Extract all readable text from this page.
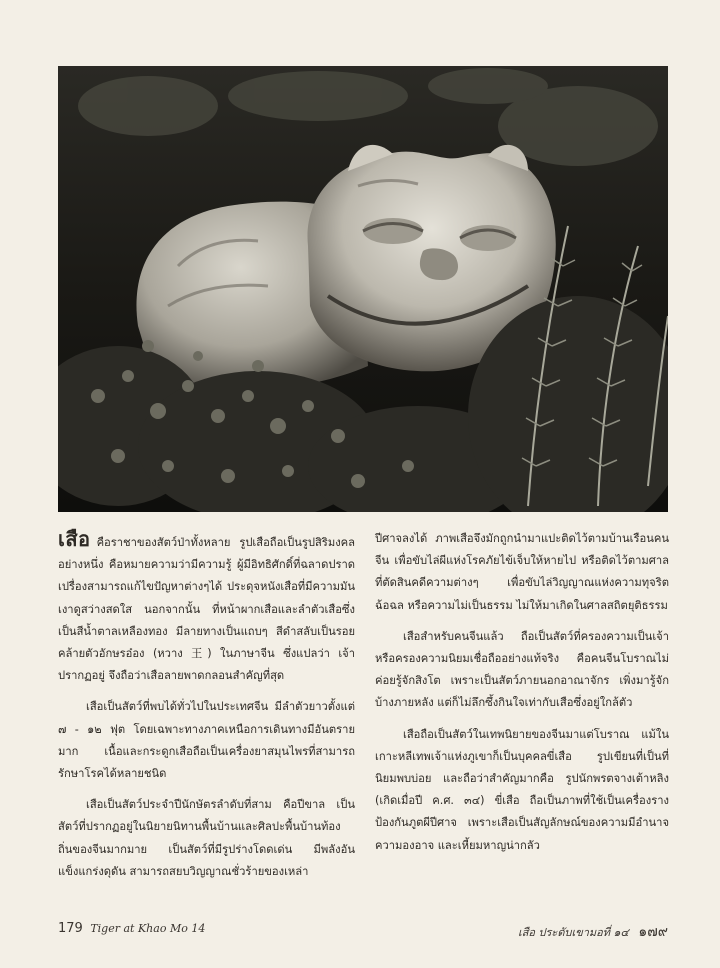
เสือ คือราชาของสัตว์ป่าทั้งหลาย รูปเสือถือเป็นรูปสิริมงคลอย่างหนึ่ง คือหมายความว่ามีความรู้ ผู้มีอิทธิศักดิ์ที่ฉลาดปราดเปรื่องสามารถแก้ไขปัญหาต่างๆได้ ประดุจหนังเสือที่มีความมันเงาดูสว่างสดใส นอกจากนั้น ที่หน้าผากเสือและลำตัวเสือซึ่งเป็นสีน้ำตาลเหลืองทอง มีลายทางเป็นแถบๆ สีดำสลับเป็นรอยคล้ายตัวอักษรอ๋อง (หวาง 王) ในภาษาจีน ซึ่งแปลว่า เจ้า ปรากฏอยู่ จึงถือว่าเสือลายพาดกลอนสำคัญที่สุด

เสือเป็นสัตว์ที่พบได้ทั่วไปในประเทศจีน มีลำตัวยาวตั้งแต่ ๗ - ๑๒ ฟุต โดยเฉพาะทางภาคเหนือการเดินทางมีอันตรายมาก เนื้อและกระดูกเสือถือเป็นเครื่องยาสมุนไพรที่สามารถรักษาโรคได้หลายชนิด

เสือเป็นสัตว์ประจำปีนักษัตรลำดับที่สาม คือปีขาล เป็นสัตว์ที่ปรากฏอยู่ในนิยายนิทานพื้นบ้านและศิลปะพื้นบ้านท้องถิ่นของจีนมากมาย เป็นสัตว์ที่มีรูปร่างโดดเด่น มีพลังอันแข็งแกร่งดุดัน สามารถสยบวิญญาณชั่วร้ายของเหล่า

ปีศาจลงได้ ภาพเสือจึงมักถูกนำมาแปะติดไว้ตามบ้านเรือนคนจีน เพื่อขับไล่ผีแห่งโรคภัยไข้เจ็บให้หายไป หรือติดไว้ตามศาลที่ตัดสินคดีความต่างๆ เพื่อขับไล่วิญญาณแห่งความทุจริต ฉ้อฉล หรือความไม่เป็นธรรม ไม่ให้มาเกิดในศาลสถิตยุติธรรม

เสือสำหรับคนจีนแล้ว ถือเป็นสัตว์ที่ครองความเป็นเจ้า หรือครองความนิยมเชื่อถืออย่างแท้จริง คือคนจีนโบราณไม่ค่อยรู้จักสิงโต เพราะเป็นสัตว์ภายนอกอาณาจักร เพิ่งมารู้จักบ้างภายหลัง แต่ก็ไม่ลึกซึ้งกินใจเท่ากับเสือซึ่งอยู่ใกล้ตัว

เสือถือเป็นสัตว์ในเทพนิยายของจีนมาแต่โบราณ แม้ในเกาะหลีเทพเจ้าแห่งภูเขาก็เป็นบุคคลขี่เสือ รูปเขียนที่เป็นที่นิยมพบบ่อย และถือว่าสำคัญมากคือ รูปนักพรตจางเต้าหลิง (เกิดเมื่อปี ค.ศ. ๓๔) ขี่เสือ ถือเป็นภาพที่ใช้เป็นเครื่องรางป้องกันภูตผีปีศาจ เพราะเสือเป็นสัญลักษณ์ของความมีอำนาจ ความองอาจ และเหี้ยมหาญน่ากลัว

179 Tiger at Khao Mo 14	เสือ ประดับเขามอที่ ๑๔ ๑๗๙
